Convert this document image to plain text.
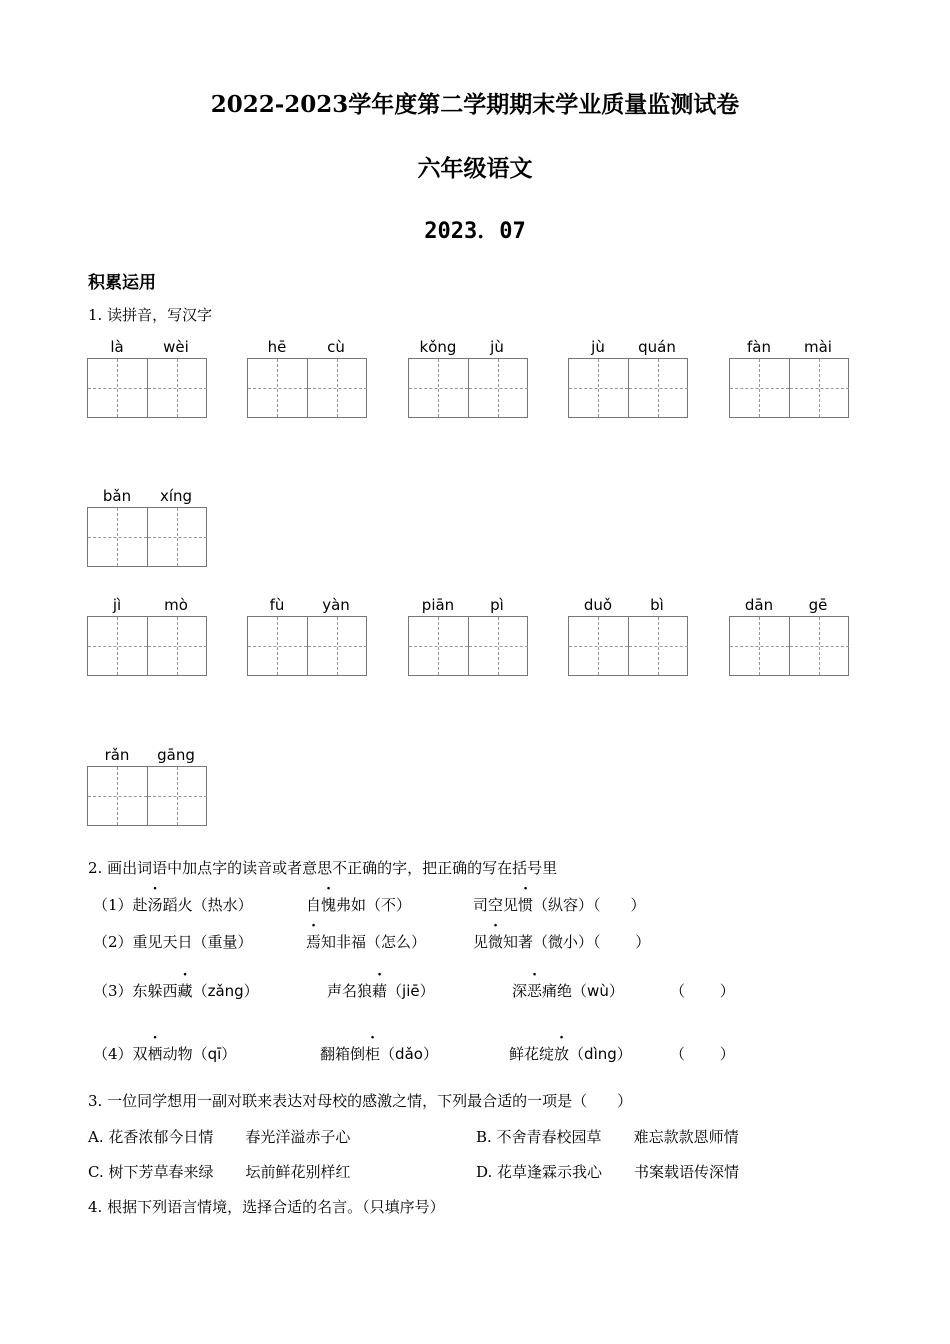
2022-2023学年度第二学期期末学业质量监测试卷
六年级语文
2023．07
积累运用
1. 读拼音，写汉字
là	wèi	hē	cù	kǒng	jù	jù	quán	fàn	mài
bǎn	xíng
jì	mò	fù	yàn	piān	pì	duǒ	bì	dān	gē
rǎn	gāng
2. 画出词语中加点字的读音或者意思不正确的字，把正确的写在括号里
（1）赴汤蹈火（热水）	自愧弗如（不）	司空见惯（纵容）（　　）
（2）重见天日（重量）	焉知非福（怎么）	见微知著（微小）（　　 ）
（3）东躲西藏（zǎng）	声名狼藉（jiē）	深恶痛绝（wù）	（　　 ）
（4）双栖动物（qī）	翻箱倒柜（dǎo）	鲜花绽放（dìng）	（　　 ）
3. 一位同学想用一副对联来表达对母校的感激之情，下列最合适的一项是（　　）
A. 花香浓郁今日情 春光洋溢赤子心	B. 不舍青春校园草 难忘款款恩师情
C. 树下芳草春来绿 坛前鲜花别样红	D. 花草逢霖示我心 书案载语传深情
4. 根据下列语言情境，选择合适的名言。（只填序号）
